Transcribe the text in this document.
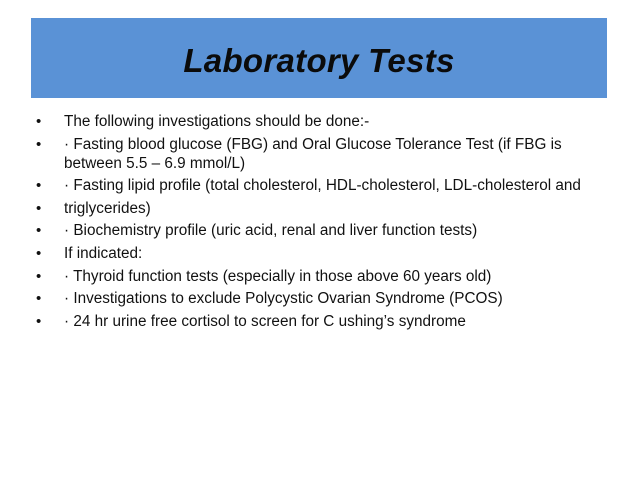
Laboratory Tests
• The following investigations should be done:-
• · Fasting blood glucose (FBG) and Oral Glucose Tolerance Test (if FBG is between 5.5 – 6.9 mmol/L)
• · Fasting lipid profile (total cholesterol, HDL-cholesterol, LDL-cholesterol and
• triglycerides)
• · Biochemistry profile (uric acid, renal and liver function tests)
• If indicated:
• · Thyroid function tests (especially in those above 60 years old)
• · Investigations to exclude Polycystic Ovarian Syndrome (PCOS)
• · 24 hr urine free cortisol to screen for C ushing’s syndrome
